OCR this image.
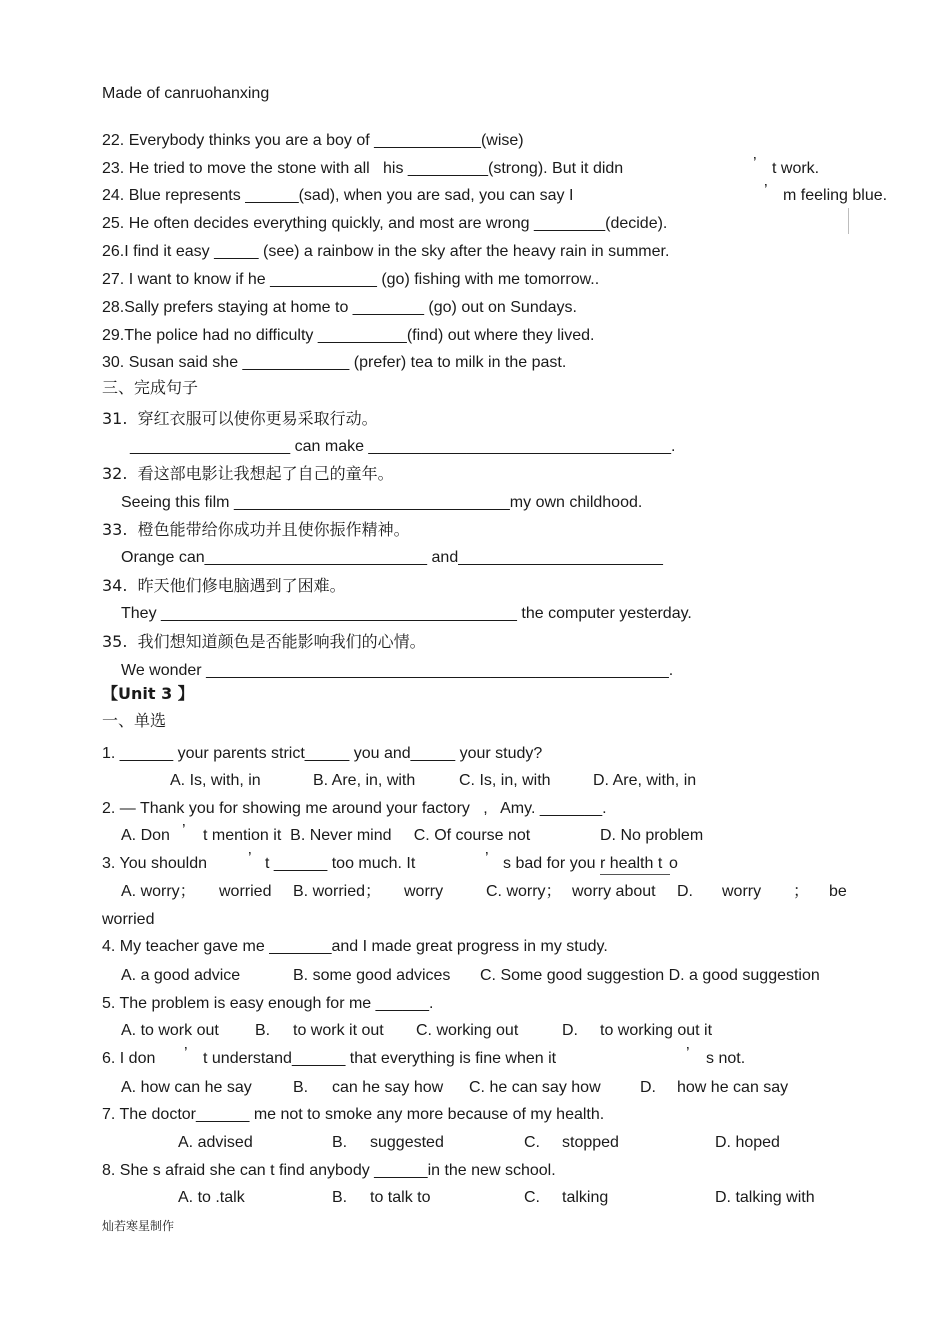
Made of canruohanxing
22. Everybody thinks you are a boy of ____________(wise)
23. He tried to move the stone with all   his _________(strong). But it didn	’ t work.
24. Blue represents ______(sad), when you are sad, you can say I	’ m feeling blue.
25. He often decides everything quickly, and most are wrong ________(decide).
26.I find it easy _____ (see) a rainbow in the sky after the heavy rain in summer.
27. I want to know if he ____________ (go) fishing with me tomorrow..
28.Sally prefers staying at home to ________ (go) out on Sundays.
29.The police had no difficulty __________(find) out where they lived.
30. Susan said she ____________ (prefer) tea to milk in the past.
三、完成句子
31.  穿红衣服可以使你更易采取行动。
__________________ can make __________________________________.
32.  看这部电影让我想起了自己的童年。
Seeing this film _______________________________my own childhood.
33.  橙色能带给你成功并且使你振作精神。
Orange can_________________________ and_______________________
34.  昨天他们修电脑遇到了困难。
They ________________________________________ the computer yesterday.
35.  我们想知道颜色是否能影响我们的心情。
We wonder ____________________________________________________.
【Unit 3 】
一、单选
1. ______ your parents strict_____ you and_____ your study?
A. Is, with, in	B. Are, in, with	C. Is, in, with	D. Are, with, in
2. — Thank you for showing me around your factory   ,   Amy. _______.
A. Don ’ t mention it  B. Never mind     C. Of course not	D. No problem
3. You shouldn	’ t ______ too much. It	’ s bad for you r health t o
A. worry； worried B. worried； worry	C. worry； worry about D. worry ； be
worried
4. My teacher gave me _______and I made great progress in my study.
A. a good advice	B. some good advices C. Some good suggestion D. a good suggestion
5. The problem is easy enough for me ______.
A. to work out B. to work it out C. working out	D. to working out it
6. I don ’ t understand______ that everything is fine when it	’ s not.
A. how can he say	B. can he say how C. he can say how D. how he can say
7. The doctor______ me not to smoke any more because of my health.
A. advised	B. suggested	C. stopped	D. hoped
8. She s afraid she can t find anybody ______in the new school.
A. to .talk	B. to talk to	C. talking	D. talking with
灿若寒星制作
